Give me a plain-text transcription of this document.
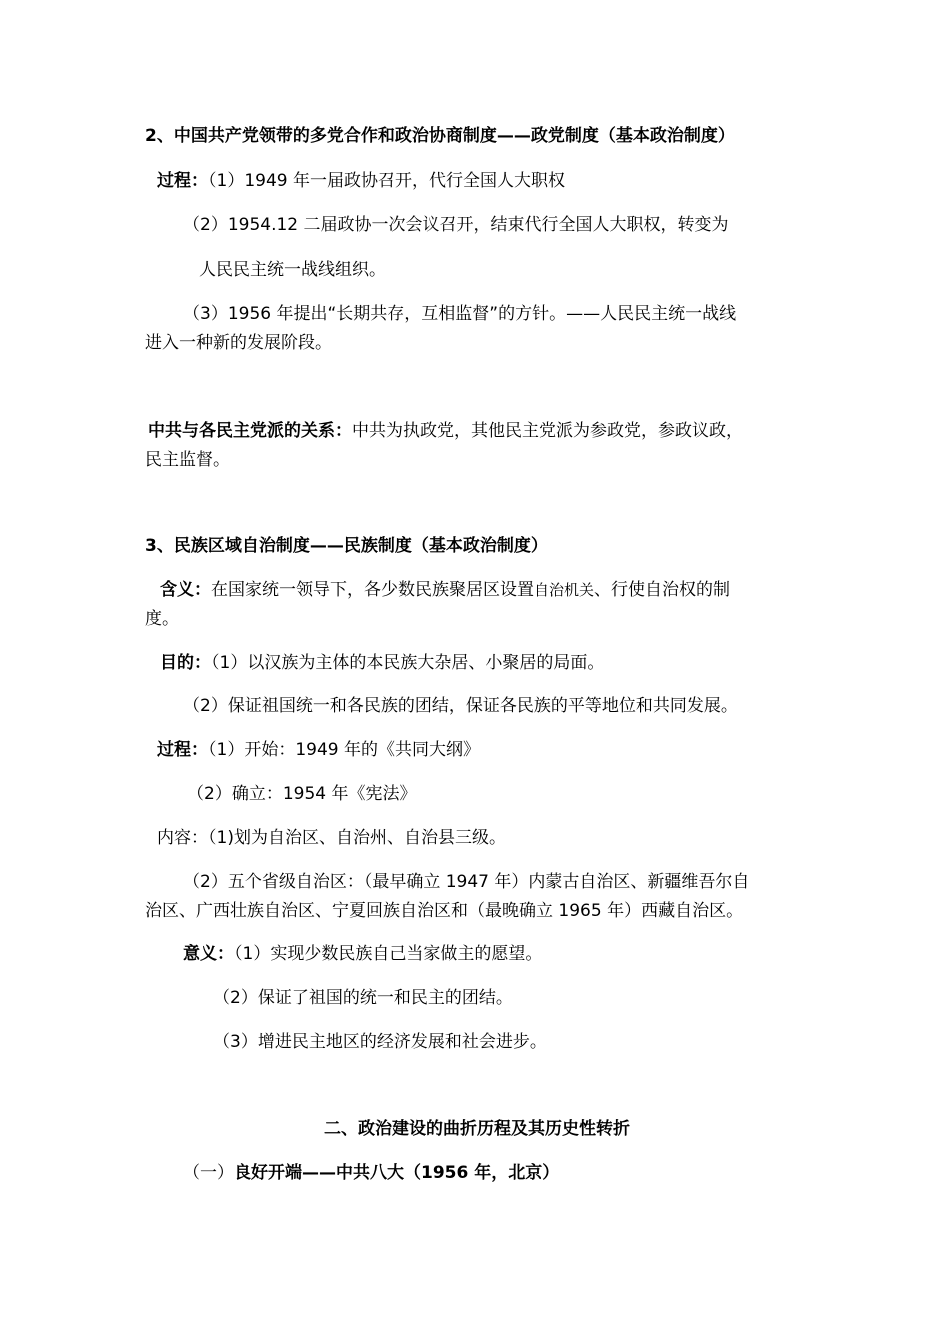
2、中国共产党领带的多党合作和政治协商制度——政党制度（基本政治制度）
过程：（1）1949 年一届政协召开，代行全国人大职权
（2）1954.12 二届政协一次会议召开，结束代行全国人大职权，转变为
人民民主统一战线组织。
（3）1956 年提出“长期共存，互相监督”的方针。——人民民主统一战线
进入一种新的发展阶段。
中共与各民主党派的关系：中共为执政党，其他民主党派为参政党，参政议政，
民主监督。
3、民族区域自治制度——民族制度（基本政治制度）
含义：在国家统一领导下，各少数民族聚居区设置自治机关、行使自治权的制
度。
目的：（1）以汉族为主体的本民族大杂居、小聚居的局面。
（2）保证祖国统一和各民族的团结，保证各民族的平等地位和共同发展。
过程：（1）开始：1949 年的《共同大纲》
（2）确立：1954 年《宪法》
内容：（1)划为自治区、自治州、自治县三级。
（2）五个省级自治区：（最早确立 1947 年）内蒙古自治区、新疆维吾尔自
治区、广西壮族自治区、宁夏回族自治区和（最晚确立 1965 年）西藏自治区。
意义：（1）实现少数民族自己当家做主的愿望。
（2）保证了祖国的统一和民主的团结。
（3）增进民主地区的经济发展和社会进步。
二、政治建设的曲折历程及其历史性转折
（一）良好开端——中共八大（1956 年，北京）
